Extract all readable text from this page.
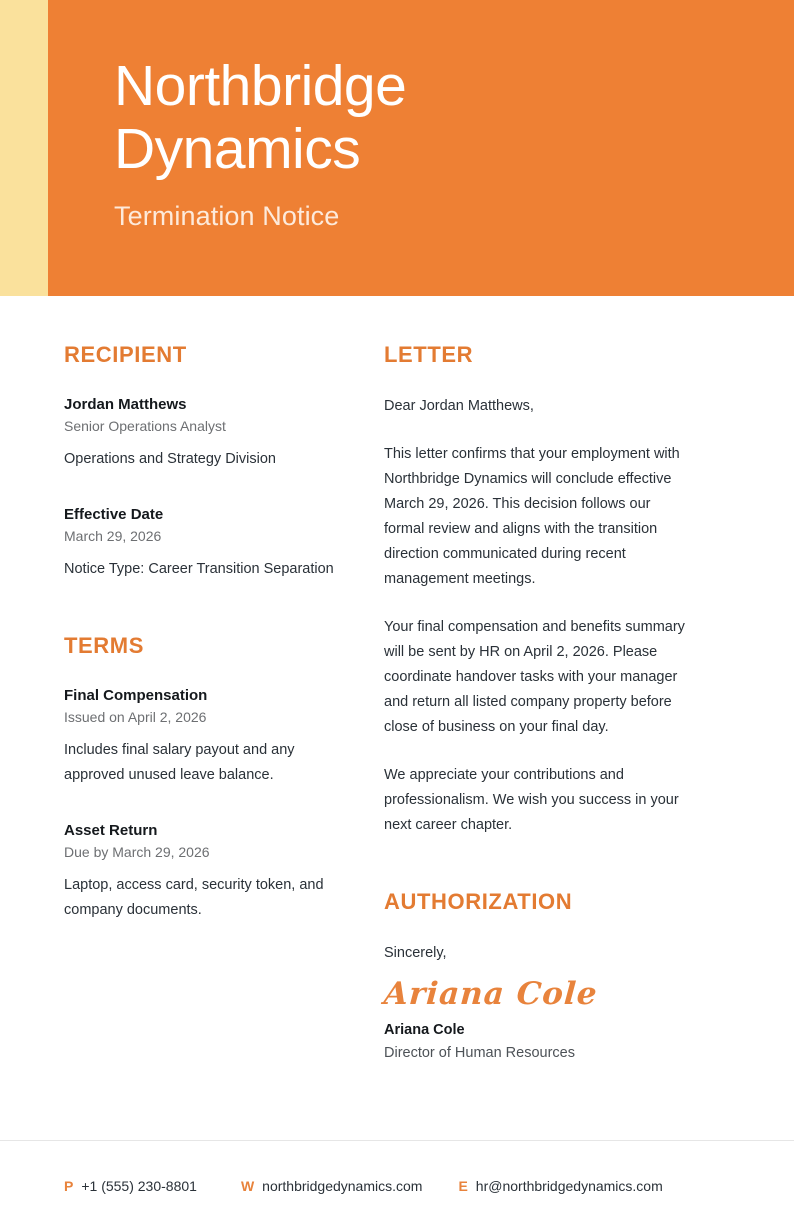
Northbridge Dynamics

Termination Notice

RECIPIENT

Jordan Matthews

Senior Operations Analyst

Operations and Strategy Division

Effective Date

March 29, 2026

Notice Type: Career Transition Separation

TERMS

Final Compensation

Issued on April 2, 2026

Includes final salary payout and any approved unused leave balance.

Asset Return

Due by March 29, 2026

Laptop, access card, security token, and company documents.

LETTER

Dear Jordan Matthews,

This letter confirms that your employment with Northbridge Dynamics will conclude effective March 29, 2026. This decision follows our formal review and aligns with the transition direction communicated during recent management meetings.

Your final compensation and benefits summary will be sent by HR on April 2, 2026. Please coordinate handover tasks with your manager and return all listed company property before close of business on your final day.

We appreciate your contributions and professionalism. We wish you success in your next career chapter.

AUTHORIZATION

Sincerely,

Ariana Cole

Ariana Cole

Director of Human Resources

P +1 (555) 230-8801	W northbridgedynamics.com	E hr@northbridgedynamics.com
